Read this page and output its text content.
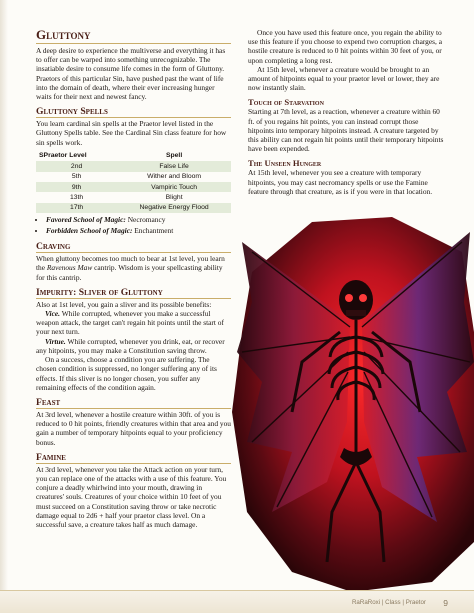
Gluttony

A deep desire to experience the multiverse and everything it has to offer can be warped into something unrecognizable. The insatiable desire to consume life comes in the form of Gluttony. Praetors of this particular Sin, have pushed past the want of life into the domain of death, where their ever increasing hunger waits for their next and newest fancy.

Gluttony Spells

You learn cardinal sin spells at the Praetor level listed in the Gluttony Spells table. See the Cardinal Sin class feature for how sin spells work.

SPraetor Level	Spell
2nd	False Life
5th	Wither and Bloom
9th	Vampiric Touch
13th	Blight
17th	Negative Energy Flood
• Favored School of Magic: Necromancy
• Forbidden School of Magic: Enchantment
Craving

When gluttony becomes too much to bear at 1st level, you learn the Ravenous Maw cantrip. Wisdom is your spellcasting ability for this cantrip.

Impurity: Sliver of Gluttony

Also at 1st level, you gain a sliver and its possible benefits:

Vice. While corrupted, whenever you make a successful weapon attack, the target can't regain hit points until the start of your next turn.

Virtue. While corrupted, whenever you drink, eat, or recover any hitpoints, you may make a Constitution saving throw.

On a success, choose a condition you are suffering. The chosen condition is suppressed, no longer suffering any of its effects. If this sliver is no longer chosen, you suffer any remaining effects of the condition again.

Feast

At 3rd level, whenever a hostile creature within 30ft. of you is reduced to 0 hit points, friendly creatures within that area and you gain a number of temporary hitpoints equal to your proficiency bonus.

Famine

At 3rd level, whenever you take the Attack action on your turn, you can replace one of the attacks with a use of this feature. You conjure a deadly whirlwind into your mouth, drawing in creatures' souls. Creatures of your choice within 10 feet of you must succeed on a Constitution saving throw or take necrotic damage equal to 2d6 + half your praetor class level. On a successful save, a creature takes half as much damage.

Once you have used this feature once, you regain the ability to use this feature if you choose to expend two corruption charges, a hostile creature is reduced to 0 hit points within 30 feet of you, or upon completing a long rest.

At 15th level, whenever a creature would be brought to an amount of hitpoints equal to your praetor level or lower, they are now instantly slain.

Touch of Starvation

Starting at 7th level, as a reaction, whenever a creature within 60 ft. of you regains hit points, you can instead corrupt those hitpoints into temporary hitpoints instead. A creature targeted by this ability can not regain hit points until their temporary hitpoints have been expended.

The Unseen Hunger

At 15th level, whenever you see a creature with temporary hitpoints, you may cast necromancy spells or use the Famine feature through that creature, as is if you were in that location.

RaRaRoxi | Class | Praetor 9
